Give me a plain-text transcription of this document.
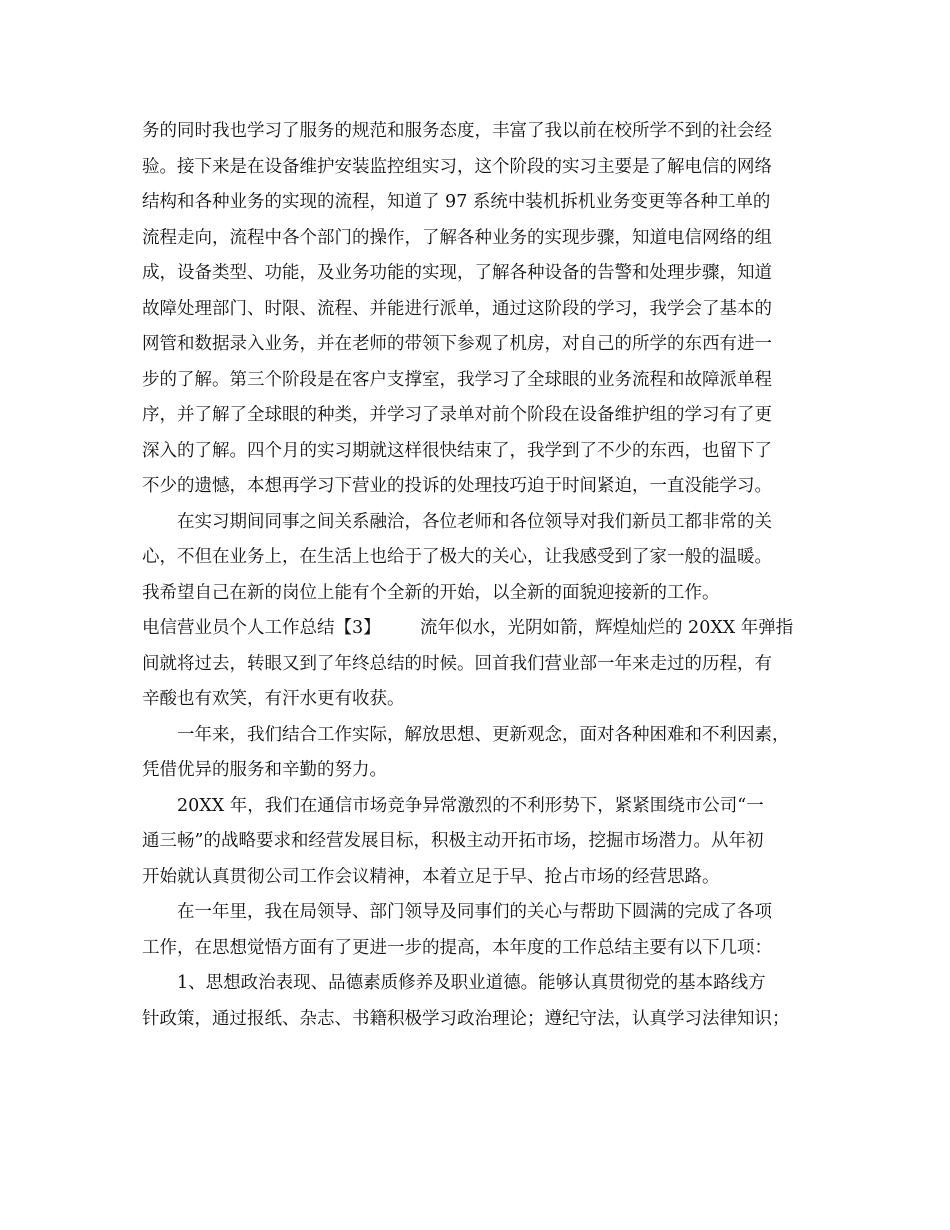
务的同时我也学习了服务的规范和服务态度，丰富了我以前在校所学不到的社会经

验。接下来是在设备维护安装监控组实习，这个阶段的实习主要是了解电信的网络

结构和各种业务的实现的流程，知道了 97 系统中装机拆机业务变更等各种工单的

流程走向，流程中各个部门的操作，了解各种业务的实现步骤，知道电信网络的组

成，设备类型、功能，及业务功能的实现，了解各种设备的告警和处理步骤，知道

故障处理部门、时限、流程、并能进行派单，通过这阶段的学习，我学会了基本的

网管和数据录入业务，并在老师的带领下参观了机房，对自己的所学的东西有进一

步的了解。第三个阶段是在客户支撑室，我学习了全球眼的业务流程和故障派单程

序，并了解了全球眼的种类，并学习了录单对前个阶段在设备维护组的学习有了更

深入的了解。四个月的实习期就这样很快结束了，我学到了不少的东西，也留下了

不少的遗憾，本想再学习下营业的投诉的处理技巧迫于时间紧迫，一直没能学习。

　　在实习期间同事之间关系融洽，各位老师和各位领导对我们新员工都非常的关

心，不但在业务上，在生活上也给于了极大的关心，让我感受到了家一般的温暖。

我希望自己在新的岗位上能有个全新的开始，以全新的面貌迎接新的工作。

电信营业员个人工作总结【3】 流年似水，光阴如箭，辉煌灿烂的 20XX 年弹指

间就将过去，转眼又到了年终总结的时候。回首我们营业部一年来走过的历程，有

辛酸也有欢笑，有汗水更有收获。

　　一年来，我们结合工作实际，解放思想、更新观念，面对各种困难和不利因素，

凭借优异的服务和辛勤的努力。

　　20XX 年，我们在通信市场竞争异常激烈的不利形势下，紧紧围绕市公司“一

通三畅”的战略要求和经营发展目标，积极主动开拓市场，挖掘市场潜力。从年初

开始就认真贯彻公司工作会议精神，本着立足于早、抢占市场的经营思路。

　　在一年里，我在局领导、部门领导及同事们的关心与帮助下圆满的完成了各项

工作，在思想觉悟方面有了更进一步的提高，本年度的工作总结主要有以下几项：

　　1、思想政治表现、品德素质修养及职业道德。能够认真贯彻党的基本路线方

针政策，通过报纸、杂志、书籍积极学习政治理论；遵纪守法，认真学习法律知识；
